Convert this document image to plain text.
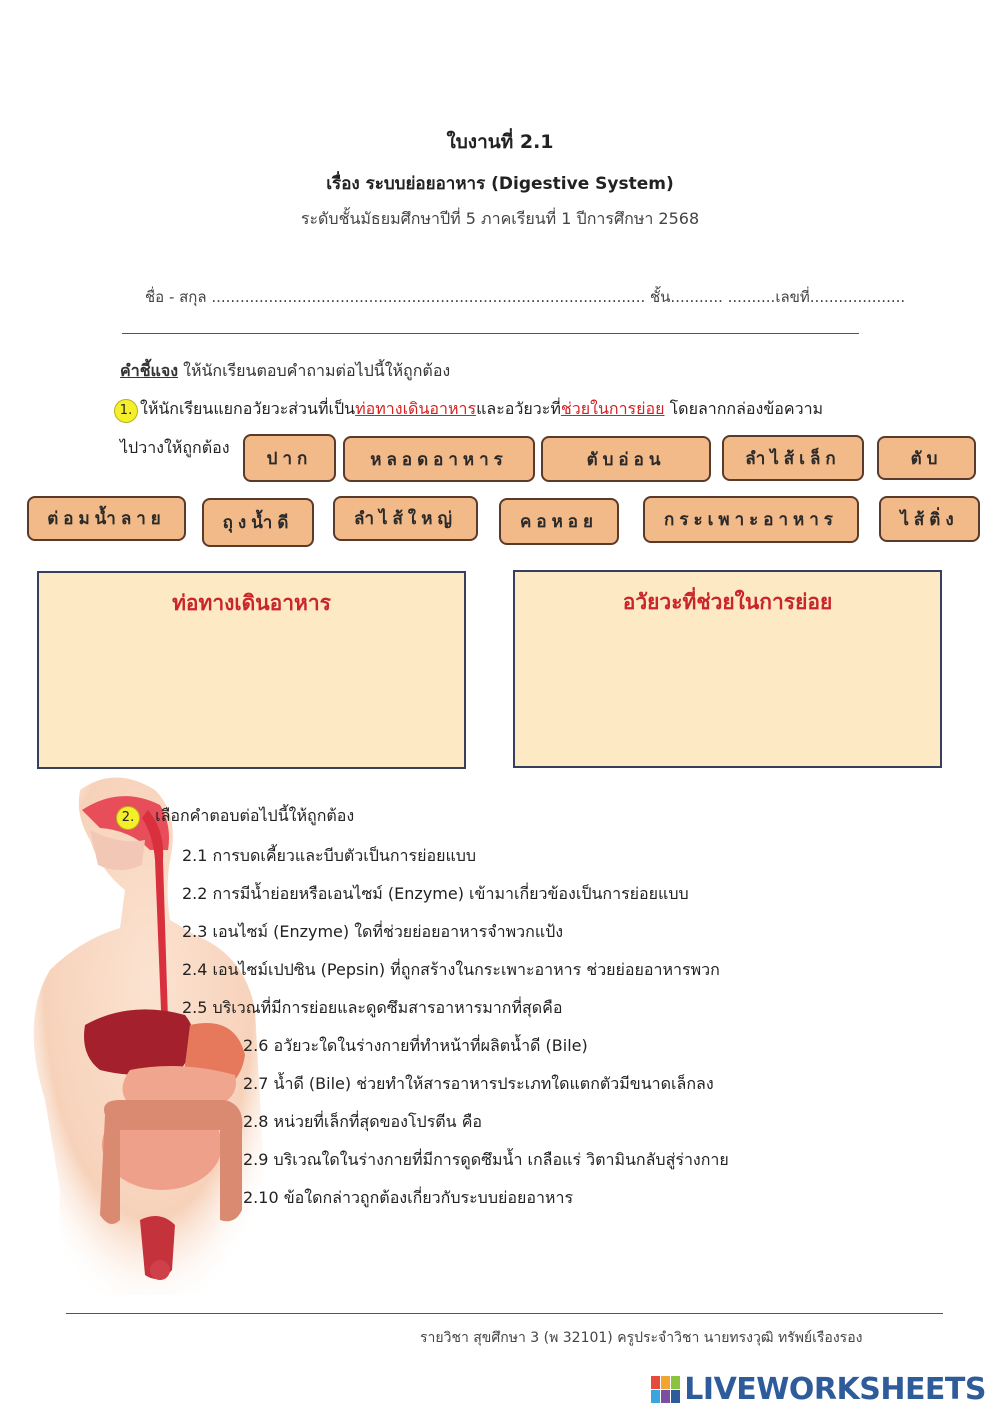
ใบงานที่ 2.1
เรื่อง ระบบย่อยอาหาร (Digestive System)
ระดับชั้นมัธยมศึกษาปีที่ 5 ภาคเรียนที่ 1 ปีการศึกษา 2568
ชื่อ - สกุล ........................................................................................... ชั้น........... ..........เลขที่....................
คำชี้แจง ให้นักเรียนตอบคำถามต่อไปนี้ให้ถูกต้อง
1. ให้นักเรียนแยกอวัยวะส่วนที่เป็นท่อทางเดินอาหารและอวัยวะที่ช่วยในการย่อย โดยลากกล่องข้อความ
ไปวางให้ถูกต้อง
ปาก	หลอดอาหาร	ตับอ่อน	ลำไส้เล็ก	ตับ
ต่อมน้ำลาย	ถุงน้ำดี	ลำไส้ใหญ่	คอหอย	กระเพาะอาหาร	ไส้ติ่ง
ท่อทางเดินอาหาร	อวัยวะที่ช่วยในการย่อย
2. เลือกคำตอบต่อไปนี้ให้ถูกต้อง
2.1 การบดเคี้ยวและบีบตัวเป็นการย่อยแบบ
2.2 การมีน้ำย่อยหรือเอนไซม์ (Enzyme) เข้ามาเกี่ยวข้องเป็นการย่อยแบบ
2.3 เอนไซม์ (Enzyme) ใดที่ช่วยย่อยอาหารจำพวกแป้ง
2.4 เอนไซม์เปปซิน (Pepsin) ที่ถูกสร้างในกระเพาะอาหาร ช่วยย่อยอาหารพวก
2.5 บริเวณที่มีการย่อยและดูดซึมสารอาหารมากที่สุดคือ
2.6 อวัยวะใดในร่างกายที่ทำหน้าที่ผลิตน้ำดี (Bile)
2.7 น้ำดี (Bile) ช่วยทำให้สารอาหารประเภทใดแตกตัวมีขนาดเล็กลง
2.8 หน่วยที่เล็กที่สุดของโปรตีน คือ
2.9 บริเวณใดในร่างกายที่มีการดูดซึมน้ำ เกลือแร่ วิตามินกลับสู่ร่างกาย
2.10 ข้อใดกล่าวถูกต้องเกี่ยวกับระบบย่อยอาหาร
รายวิชา สุขศึกษา 3 (พ 32101) ครูประจำวิชา นายทรงวุฒิ ทรัพย์เรืองรอง
LIVEWORKSHEETS
